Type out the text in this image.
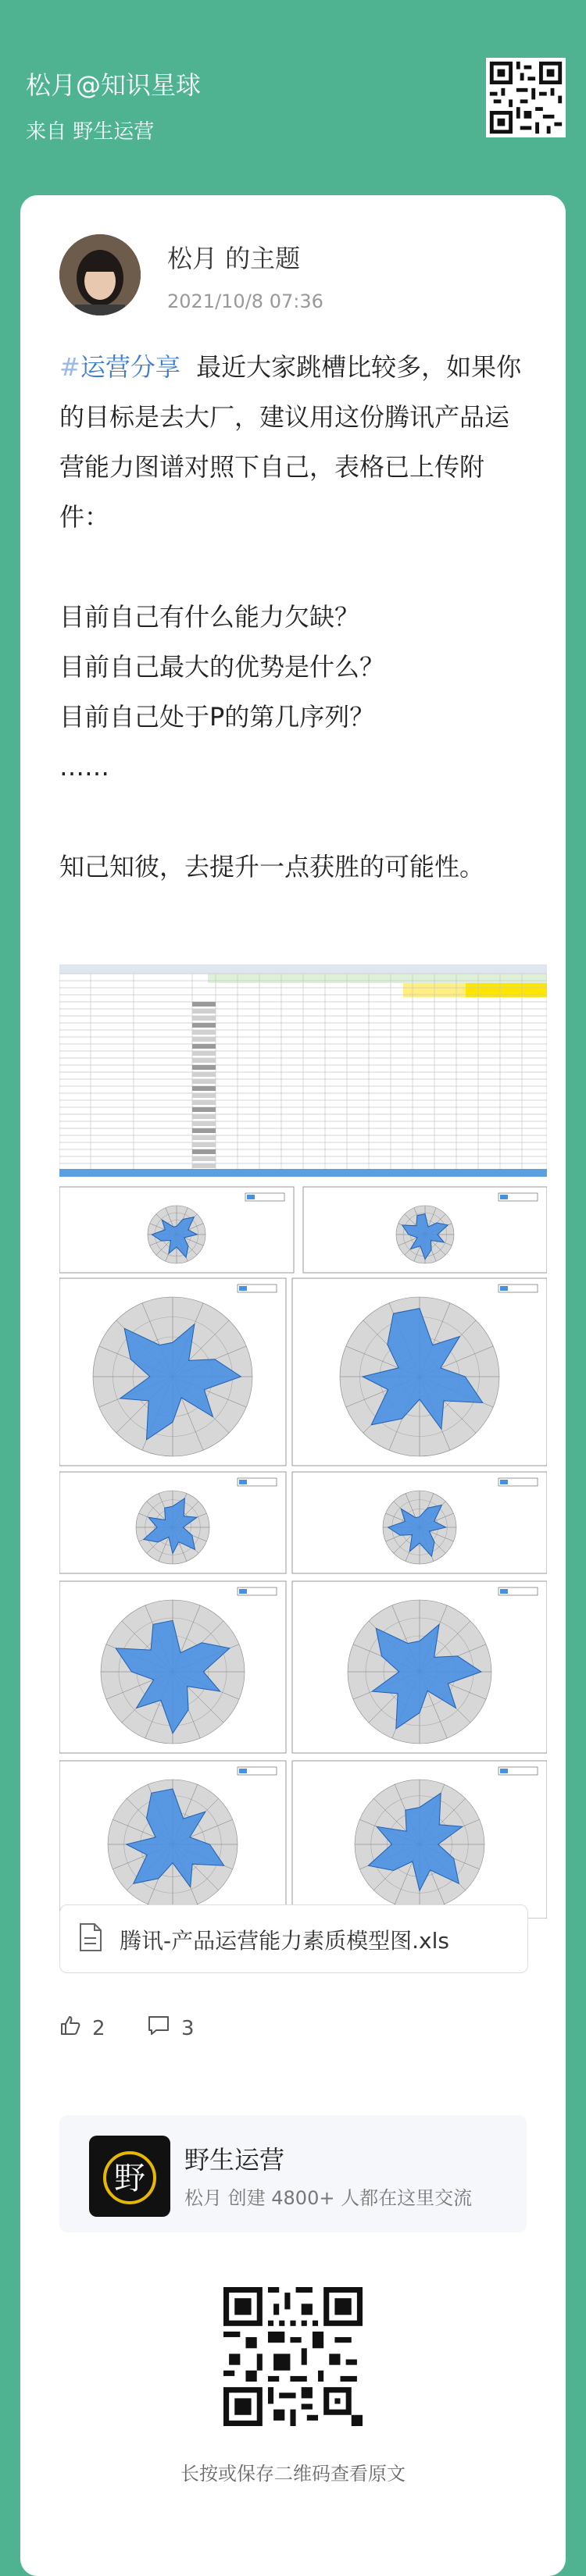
松月@知识星球
来自 野生运营
松月 的主题
2021/10/8 07:36

#运营分享 最近大家跳槽比较多，如果你的目标是去大厂，建议用这份腾讯产品运营能力图谱对照下自己，表格已上传附件：

目前自己有什么能力欠缺？

目前自己最大的优势是什么？

目前自己处于P的第几序列？

……

知己知彼，去提升一点获胜的可能性。

腾讯-产品运营能力素质模型图.xls
2	3
野
野生运营
松月 创建 4800+ 人都在这里交流
长按或保存二维码查看原文
